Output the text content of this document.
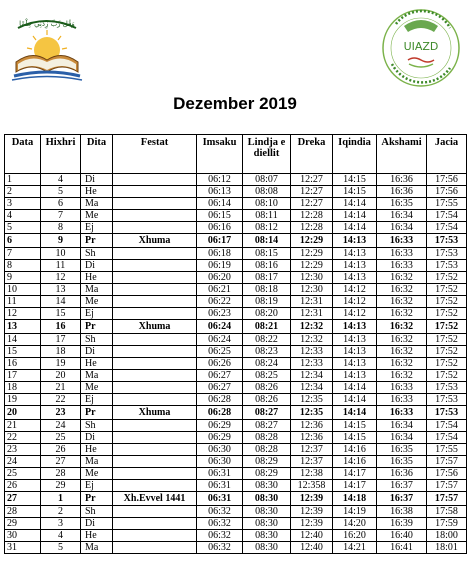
وَقُل رَّبِّ زِدْنِي عِلْمًا
UIAZD
Dezember 2019
Data	Hixhri	Dita	Festat	Imsaku	Lindja e diellit	Dreka	Iqindia	Akshami	Jacia
1	4	Di		06:12	08:07	12:27	14:15	16:36	17:56
2	5	He		06:13	08:08	12:27	14:15	16:36	17:56
3	6	Ma		06:14	08:10	12:27	14:14	16:35	17:55
4	7	Me		06:15	08:11	12:28	14:14	16:34	17:54
5	8	Ej		06:16	08:12	12:28	14:14	16:34	17:54
6	9	Pr	Xhuma	06:17	08:14	12:29	14:13	16:33	17:53
7	10	Sh		06:18	08:15	12:29	14:13	16:33	17:53
8	11	Di		06:19	08:16	12:29	14:13	16:33	17:53
9	12	He		06:20	08:17	12:30	14:13	16:32	17:52
10	13	Ma		06:21	08:18	12:30	14:12	16:32	17:52
11	14	Me		06:22	08:19	12:31	14:12	16:32	17:52
12	15	Ej		06:23	08:20	12:31	14:12	16:32	17:52
13	16	Pr	Xhuma	06:24	08:21	12:32	14:13	16:32	17:52
14	17	Sh		06:24	08:22	12:32	14:13	16:32	17:52
15	18	Di		06:25	08:23	12:33	14:13	16:32	17:52
16	19	He		06:26	08:24	12:33	14:13	16:32	17:52
17	20	Ma		06:27	08:25	12:34	14:13	16:32	17:52
18	21	Me		06:27	08:26	12:34	14:14	16:33	17:53
19	22	Ej		06:28	08:26	12:35	14:14	16:33	17:53
20	23	Pr	Xhuma	06:28	08:27	12:35	14:14	16:33	17:53
21	24	Sh		06:29	08:27	12:36	14:15	16:34	17:54
22	25	Di		06:29	08:28	12:36	14:15	16:34	17:54
23	26	He		06:30	08:28	12:37	14:16	16:35	17:55
24	27	Ma		06:30	08:29	12:37	14:16	16:35	17:57
25	28	Me		06:31	08:29	12:38	14:17	16:36	17:56
26	29	Ej		06:31	08:30	12:358	14:17	16:37	17:57
27	1	Pr	Xh.Evvel 1441	06:31	08:30	12:39	14:18	16:37	17:57
28	2	Sh		06:32	08:30	12:39	14:19	16:38	17:58
29	3	Di		06:32	08:30	12:39	14:20	16:39	17:59
30	4	He		06:32	08:30	12:40	16:20	16:40	18:00
31	5	Ma		06:32	08:30	12:40	14:21	16:41	18:01
